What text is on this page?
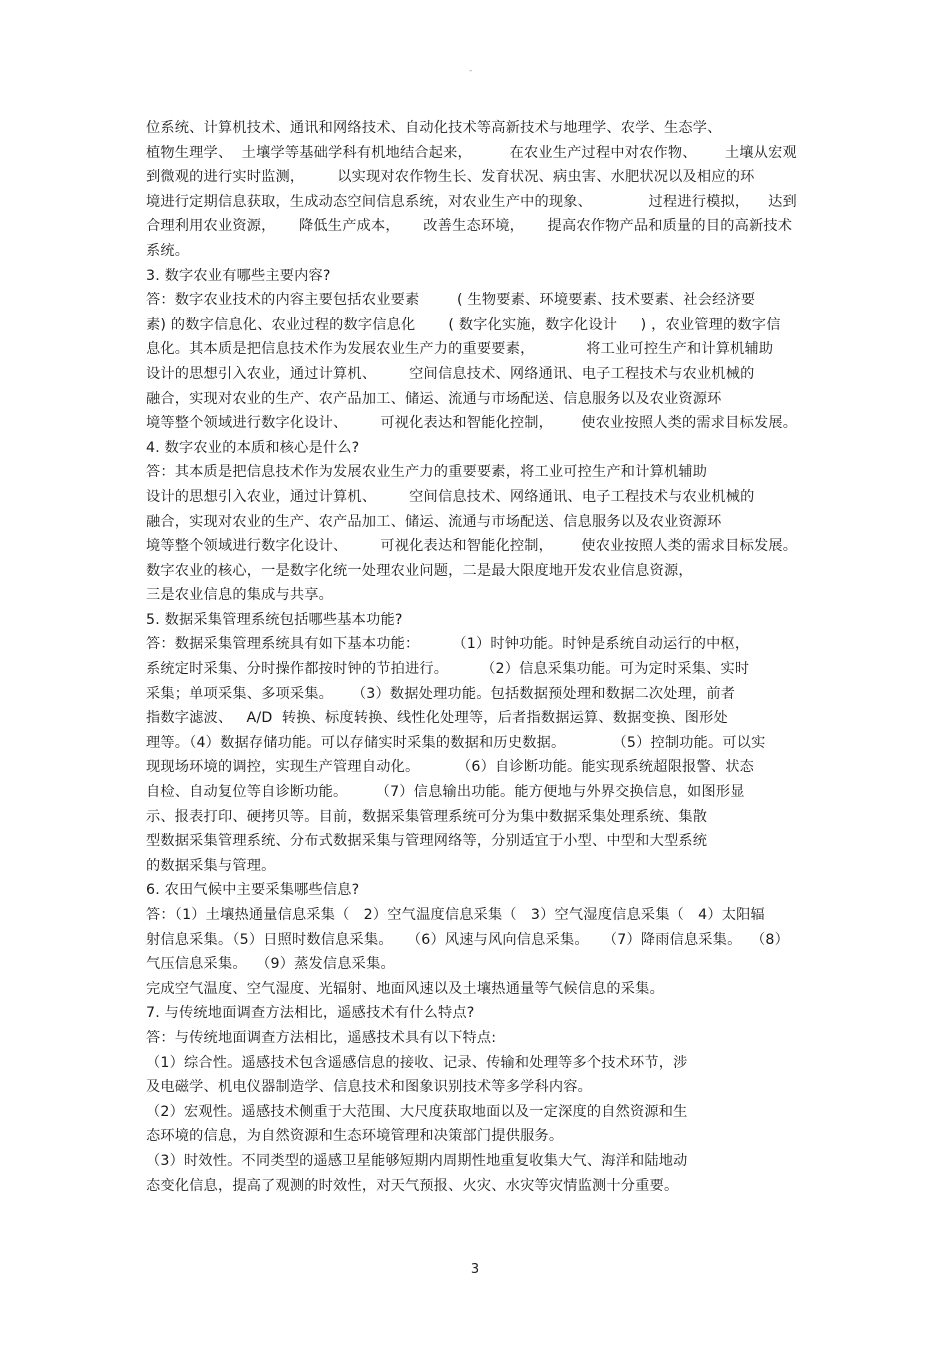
-
位系统、计算机技术、通讯和网络技术、自动化技术等高新技术与地理学、农学、生态学、
植物生理学、  土壤学等基础学科有机地结合起来，        在农业生产过程中对农作物、      土壤从宏观
到微观的进行实时监测，       以实现对农作物生长、发育状况、病虫害、水肥状况以及相应的环
境进行定期信息获取，生成动态空间信息系统，对农业生产中的现象、            过程进行模拟，    达到
合理利用农业资源，     降低生产成本，     改善生态环境，     提高农作物产品和质量的目的高新技术
系统。
3. 数字农业有哪些主要内容?
答：数字农业技术的内容主要包括农业要素        ( 生物要素、环境要素、技术要素、社会经济要
素) 的数字信息化、农业过程的数字信息化       ( 数字化实施，数字化设计     ) ，农业管理的数字信
息化。其本质是把信息技术作为发展农业生产力的重要要素，           将工业可控生产和计算机辅助
设计的思想引入农业，通过计算机、       空间信息技术、网络通讯、电子工程技术与农业机械的
融合，实现对农业的生产、农产品加工、储运、流通与市场配送、信息服务以及农业资源环
境等整个领域进行数字化设计、       可视化表达和智能化控制，      使农业按照人类的需求目标发展。
4. 数字农业的本质和核心是什么?
答：其本质是把信息技术作为发展农业生产力的重要要素，将工业可控生产和计算机辅助
设计的思想引入农业，通过计算机、       空间信息技术、网络通讯、电子工程技术与农业机械的
融合，实现对农业的生产、农产品加工、储运、流通与市场配送、信息服务以及农业资源环
境等整个领域进行数字化设计、       可视化表达和智能化控制，      使农业按照人类的需求目标发展。
数字农业的核心，一是数字化统一处理农业问题，二是最大限度地开发农业信息资源，
三是农业信息的集成与共享。
5. 数据采集管理系统包括哪些基本功能?
答：数据采集管理系统具有如下基本功能：       （1）时钟功能。时钟是系统自动运行的中枢，
系统定时采集、分时操作都按时钟的节拍进行。       （2）信息采集功能。可为定时采集、实时
采集；单项采集、多项采集。    （3）数据处理功能。包括数据预处理和数据二次处理，前者
指数字滤波、   A/D  转换、标度转换、线性化处理等，后者指数据运算、数据变换、图形处
理等。（4）数据存储功能。可以存储实时采集的数据和历史数据。          （5）控制功能。可以实
现现场环境的调控，实现生产管理自动化。        （6）自诊断功能。能实现系统超限报警、状态
自检、自动复位等自诊断功能。      （7）信息输出功能。能方便地与外界交换信息，如图形显
示、报表打印、硬拷贝等。目前，数据采集管理系统可分为集中数据采集处理系统、集散
型数据采集管理系统、分布式数据采集与管理网络等，分别适宜于小型、中型和大型系统
的数据采集与管理。
6. 农田气候中主要采集哪些信息?
答：（1）土壤热通量信息采集（   2）空气温度信息采集（   3）空气湿度信息采集（   4）太阳辐
射信息采集。（5）日照时数信息采集。   （6）风速与风向信息采集。   （7）降雨信息采集。  （8）
气压信息采集。  （9）蒸发信息采集。
完成空气温度、空气湿度、光辐射、地面风速以及土壤热通量等气候信息的采集。
7. 与传统地面调查方法相比，遥感技术有什么特点?
答：与传统地面调查方法相比，遥感技术具有以下特点:
（1）综合性。遥感技术包含遥感信息的接收、记录、传输和处理等多个技术环节，涉
及电磁学、机电仪器制造学、信息技术和图象识别技术等多学科内容。
（2）宏观性。遥感技术侧重于大范围、大尺度获取地面以及一定深度的自然资源和生
态环境的信息，为自然资源和生态环境管理和决策部门提供服务。
（3）时效性。不同类型的遥感卫星能够短期内周期性地重复收集大气、海洋和陆地动
态变化信息，提高了观测的时效性，对天气预报、火灾、水灾等灾情监测十分重要。
3
